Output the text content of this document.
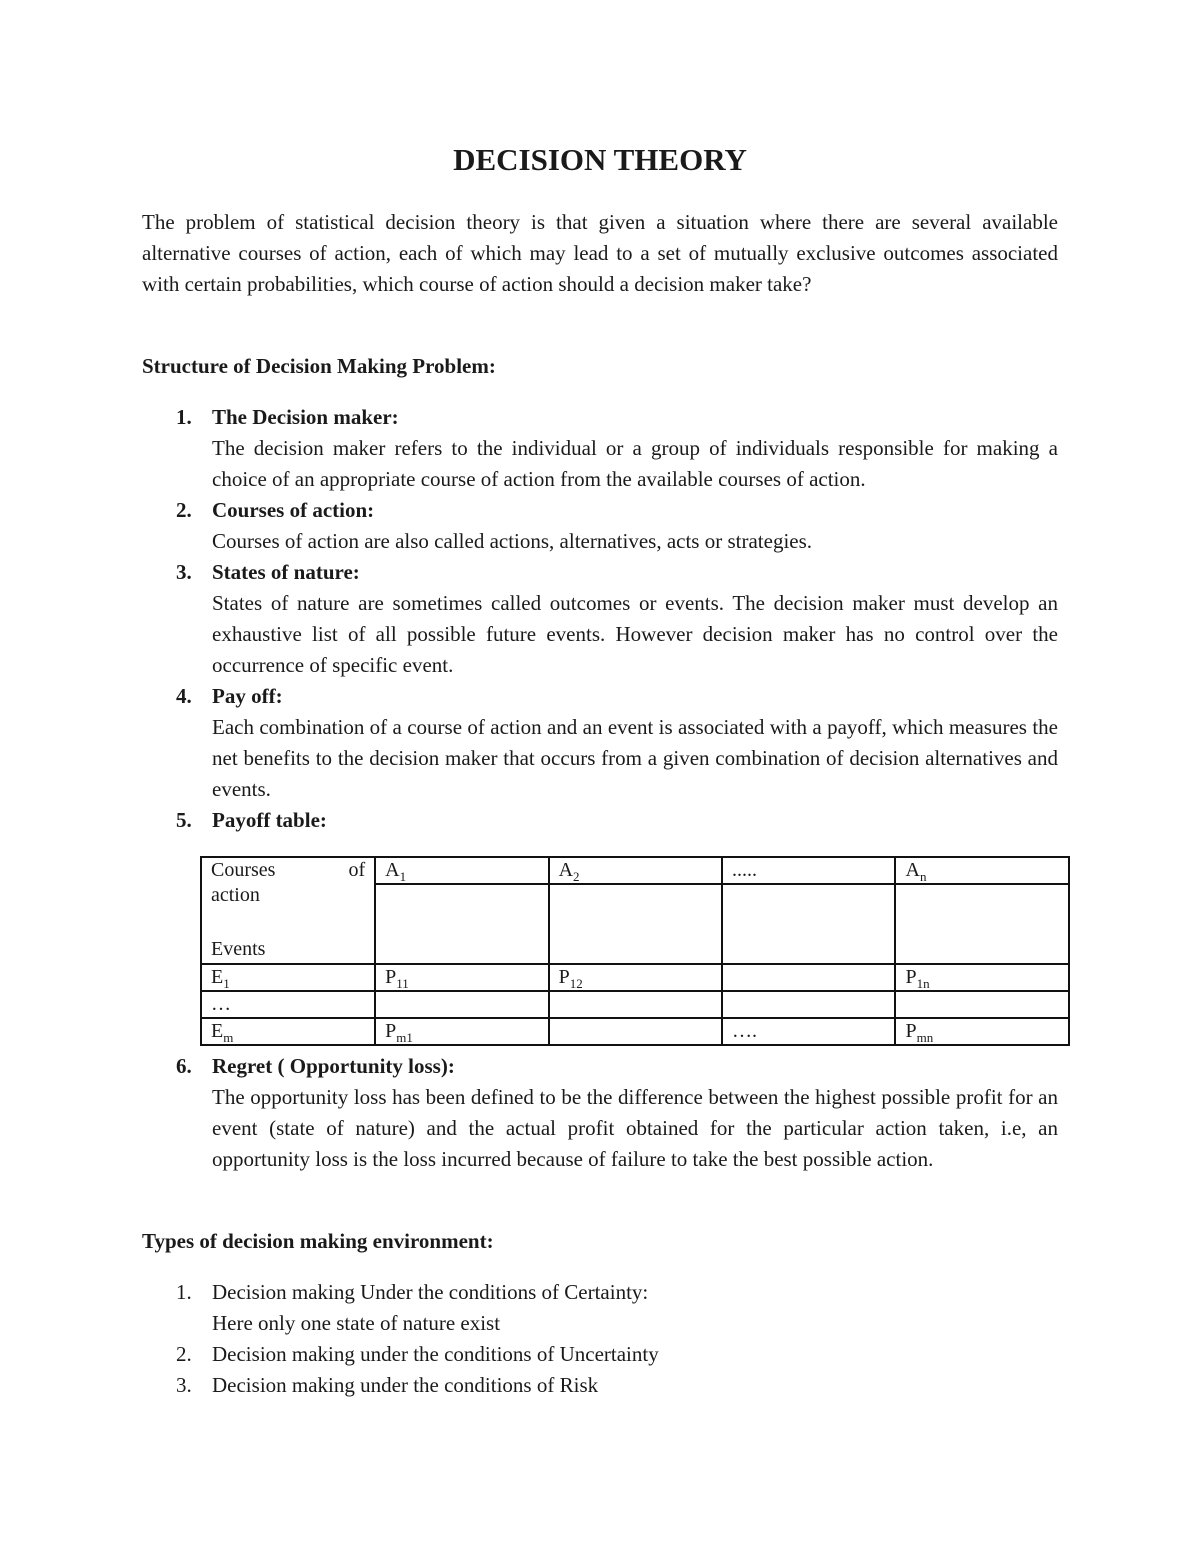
DECISION THEORY

The problem of statistical decision theory is that given a situation where there are several available alternative courses of action, each of which may lead to a set of mutually exclusive outcomes associated with certain probabilities, which course of action should a decision maker take?

Structure of Decision Making Problem:

1. The Decision maker:
The decision maker refers to the individual or a group of individuals responsible for making a choice of an appropriate course of action from the available courses of action.
2. Courses of action:
Courses of action are also called actions, alternatives, acts or strategies.
3. States of nature:
States of nature are sometimes called outcomes or events. The decision maker must develop an exhaustive list of all possible future events. However decision maker has no control over the occurrence of specific event.
4. Pay off:
Each combination of a course of action and an event is associated with a payoff, which measures the net benefits to the decision maker that occurs from a given combination of decision alternatives and events.
5. Payoff table:
Courses of
action
Events	$A_1$	$A_2$	.....	$A_n$

$E_1$	$P_{11}$	$P_{12}$		$P_{1n}$
…				
$E_m$	$P_{m1}$		….	$P_{mn}$
6. Regret ( Opportunity loss):
The opportunity loss has been defined to be the difference between the highest possible profit for an event (state of nature) and the actual profit obtained for the particular action taken, i.e, an opportunity loss is the loss incurred because of failure to take the best possible action.

Types of decision making environment:

1. Decision making Under the conditions of Certainty:
Here only one state of nature exist
2. Decision making under the conditions of Uncertainty
3. Decision making under the conditions of Risk
